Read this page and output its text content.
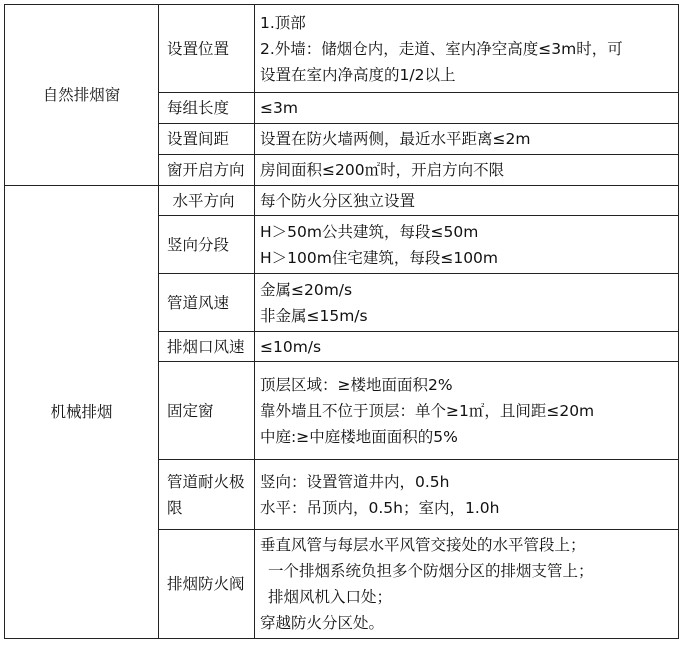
自然排烟窗	设置位置	1.顶部
2.外墙：储烟仓内，走道、室内净空高度≤3m时，可
设置在室内净高度的1/2以上

	每组长度	≤3m
	设置间距	设置在防火墙两侧，最近水平距离≤2m
	窗开启方向	房间面积≤200㎡时，开启方向不限
机械排烟	水平方向	每个防火分区独立设置
	竖向分段	H＞50m公共建筑，每段≤50m
H＞100m住宅建筑，每段≤100m

	管道风速	金属≤20m/s
非金属≤15m/s

	排烟口风速	≤10m/s
	固定窗	顶层区域：≥楼地面面积2%
靠外墙且不位于顶层：单个≥1㎡，且间距≤20m
中庭:≥中庭楼地面面积的5%

	管道耐火极
限	竖向：设置管道井内，0.5h
水平：吊顶内，0.5h；室内，1.0h

	排烟防火阀	垂直风管与每层水平风管交接处的水平管段上；
一个排烟系统负担多个防烟分区的排烟支管上；
排烟风机入口处；
穿越防火分区处。
